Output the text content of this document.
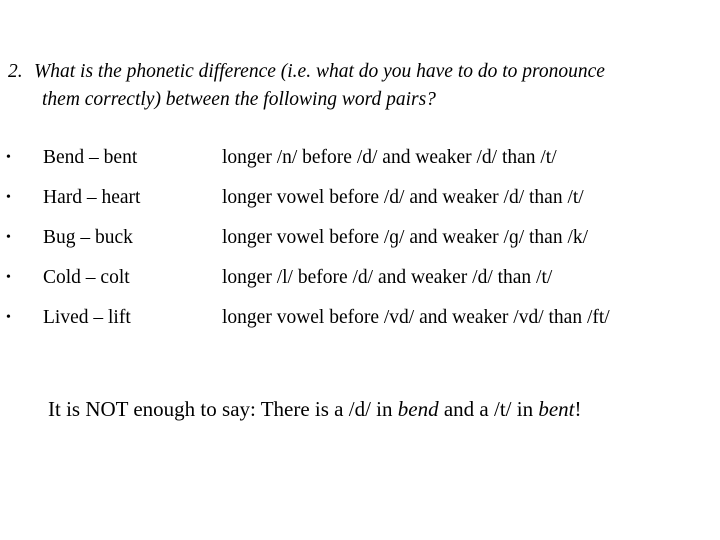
2. What is the phonetic difference (i.e. what do you have to do to pronounce
them correctly) between the following word pairs?
• Bend – bent	longer /n/ before /d/ and weaker /d/ than /t/
• Hard – heart	longer vowel before /d/ and weaker /d/ than /t/
• Bug – buck	longer vowel before /ɡ/ and weaker /ɡ/ than /k/
• Cold – colt	longer /l/ before /d/ and weaker /d/ than /t/
• Lived – lift	longer vowel before /vd/ and weaker /vd/ than /ft/
It is NOT enough to say: There is a /d/ in bend and a /t/ in bent!
